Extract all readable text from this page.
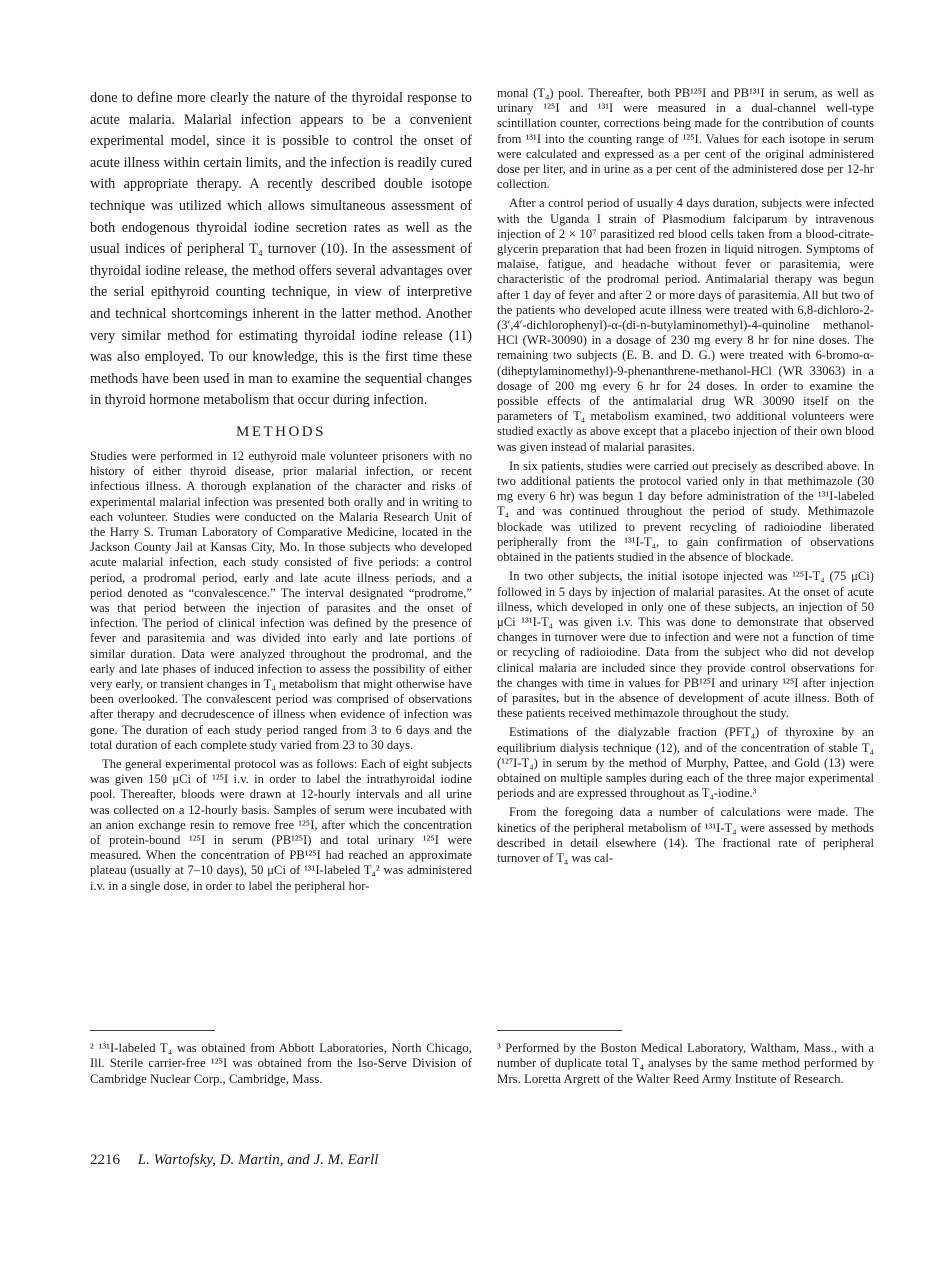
done to define more clearly the nature of the thyroidal response to acute malaria. Malarial infection appears to be a convenient experimental model, since it is possible to control the onset of acute illness within certain limits, and the infection is readily cured with appropriate therapy. A recently described double isotope technique was utilized which allows simultaneous assessment of both endogenous thyroidal iodine secretion rates as well as the usual indices of peripheral T₄ turnover (10). In the assessment of thyroidal iodine release, the method offers several advantages over the serial epithyroid counting technique, in view of interpretive and technical shortcomings inherent in the latter method. Another very similar method for estimating thyroidal iodine release (11) was also employed. To our knowledge, this is the first time these methods have been used in man to examine the sequential changes in thyroid hormone metabolism that occur during infection.

METHODS

Studies were performed in 12 euthyroid male volunteer prisoners with no history of either thyroid disease, prior malarial infection, or recent infectious illness. A thorough explanation of the character and risks of experimental malarial infection was presented both orally and in writing to each volunteer. Studies were conducted on the Malaria Research Unit of the Harry S. Truman Laboratory of Comparative Medicine, located in the Jackson County Jail at Kansas City, Mo. In those subjects who developed acute malarial infection, each study consisted of five periods: a control period, a prodromal period, early and late acute illness periods, and a period denoted as “convalescence.” The interval designated “prodrome,” was that period between the injection of parasites and the onset of infection. The period of clinical infection was defined by the presence of fever and parasitemia and was divided into early and late portions of similar duration. Data were analyzed throughout the prodromal, and the early and late phases of induced infection to assess the possibility of either very early, or transient changes in T₄ metabolism that might otherwise have been overlooked. The convalescent period was comprised of observations after therapy and decrudescence of illness when evidence of infection was gone. The duration of each study period ranged from 3 to 6 days and the total duration of each complete study varied from 23 to 30 days.

The general experimental protocol was as follows: Each of eight subjects was given 150 μCi of ¹²⁵I i.v. in order to label the intrathyroidal iodine pool. Thereafter, bloods were drawn at 12-hourly intervals and all urine was collected on a 12-hourly basis. Samples of serum were incubated with an anion exchange resin to remove free ¹²⁵I, after which the concentration of protein-bound ¹²⁵I in serum (PB¹²⁵I) and total urinary ¹²⁵I were measured. When the concentration of PB¹²⁵I had reached an approximate plateau (usually at 7–10 days), 50 μCi of ¹³¹I-labeled T₄² was administered i.v. in a single dose, in order to label the peripheral hor-

monal (T₄) pool. Thereafter, both PB¹²⁵I and PB¹³¹I in serum, as well as urinary ¹²⁵I and ¹³¹I were measured in a dual-channel well-type scintillation counter, corrections being made for the contribution of counts from ¹³¹I into the counting range of ¹²⁵I. Values for each isotope in serum were calculated and expressed as a per cent of the original administered dose per liter, and in urine as a per cent of the administered dose per 12-hr collection.

After a control period of usually 4 days duration, subjects were infected with the Uganda I strain of Plasmodium falciparum by intravenous injection of 2 × 10⁷ parasitized red blood cells taken from a blood-citrate-glycerin preparation that had been frozen in liquid nitrogen. Symptoms of malaise, fatigue, and headache without fever or parasitemia, were characteristic of the prodromal period. Antimalarial therapy was begun after 1 day of fever and after 2 or more days of parasitemia. All but two of the patients who developed acute illness were treated with 6,8-dichloro-2-(3′,4′-dichlorophenyl)-α-(di-n-butylaminomethyl)-4-quinoline methanol-HCl (WR-30090) in a dosage of 230 mg every 8 hr for nine doses. The remaining two subjects (E. B. and D. G.) were treated with 6-bromo-α-(diheptylaminomethyl)-9-phenanthrene-methanol-HCl (WR 33063) in a dosage of 200 mg every 6 hr for 24 doses. In order to examine the possible effects of the antimalarial drug WR 30090 itself on the parameters of T₄ metabolism examined, two additional volunteers were studied exactly as above except that a placebo injection of their own blood was given instead of malarial parasites.

In six patients, studies were carried out precisely as described above. In two additional patients the protocol varied only in that methimazole (30 mg every 6 hr) was begun 1 day before administration of the ¹³¹I-labeled T₄ and was continued throughout the period of study. Methimazole blockade was utilized to prevent recycling of radioiodine liberated peripherally from the ¹³¹I-T₄, to gain confirmation of observations obtained in the patients studied in the absence of blockade.

In two other subjects, the initial isotope injected was ¹²⁵I-T₄ (75 μCi) followed in 5 days by injection of malarial parasites. At the onset of acute illness, which developed in only one of these subjects, an injection of 50 μCi ¹³¹I-T₄ was given i.v. This was done to demonstrate that observed changes in turnover were due to infection and were not a function of time or recycling of radioiodine. Data from the subject who did not develop clinical malaria are included since they provide control observations for the changes with time in values for PB¹²⁵I and urinary ¹²⁵I after injection of parasites, but in the absence of development of acute illness. Both of these patients received methimazole throughout the study.

Estimations of the dialyzable fraction (PFT₄) of thyroxine by an equilibrium dialysis technique (12), and of the concentration of stable T₄ (¹²⁷I-T₄) in serum by the method of Murphy, Pattee, and Gold (13) were obtained on multiple samples during each of the three major experimental periods and are expressed throughout as T₄-iodine.³

From the foregoing data a number of calculations were made. The kinetics of the peripheral metabolism of ¹³¹I-T₄ were assessed by methods described in detail elsewhere (14). The fractional rate of peripheral turnover of T₄ was cal-

² ¹³¹I-labeled T₄ was obtained from Abbott Laboratories, North Chicago, Ill. Sterile carrier-free ¹²⁵I was obtained from the Iso-Serve Division of Cambridge Nuclear Corp., Cambridge, Mass.
³ Performed by the Boston Medical Laboratory, Waltham, Mass., with a number of duplicate total T₄ analyses by the same method performed by Mrs. Loretta Argrett of the Walter Reed Army Institute of Research.
2216 L. Wartofsky, D. Martin, and J. M. Earll
